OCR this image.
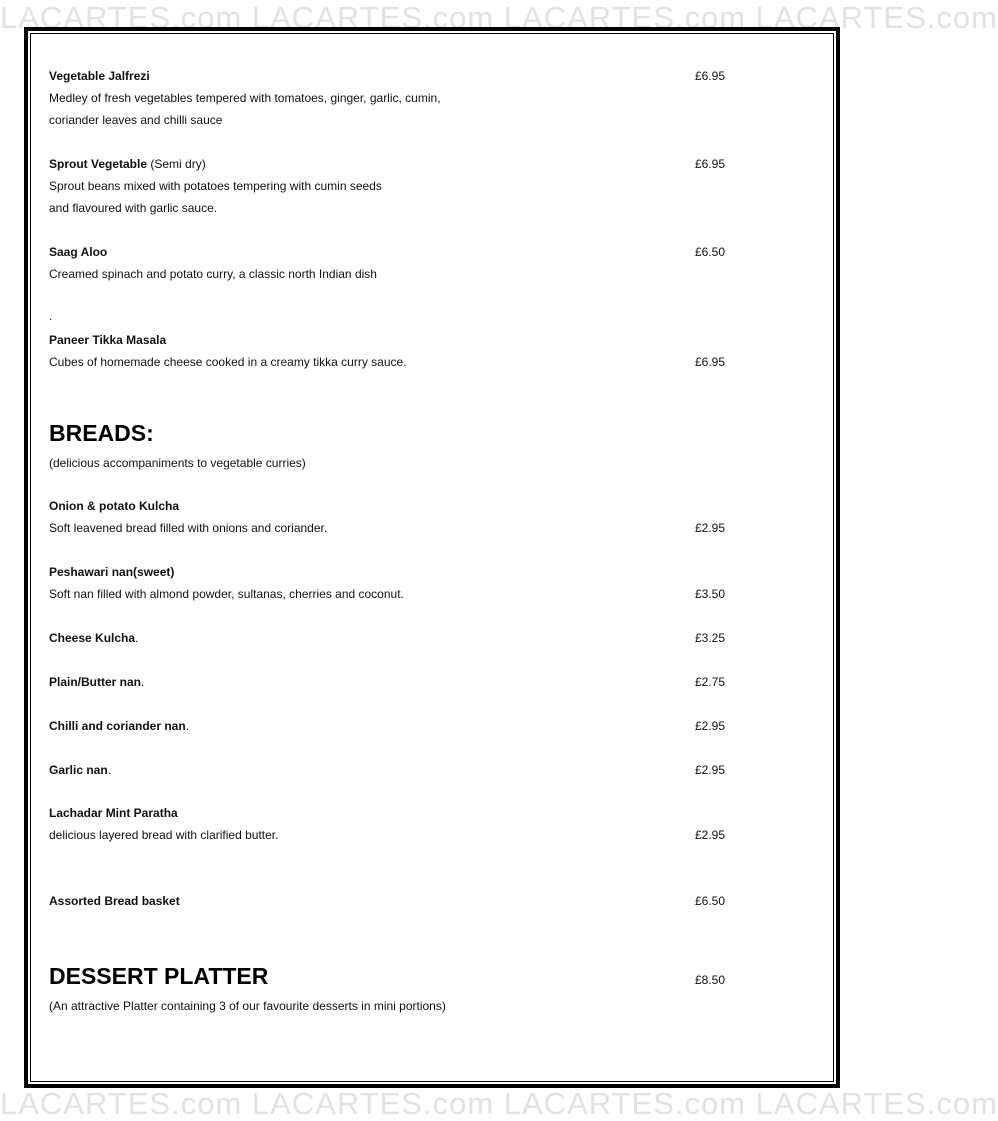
LACARTES.com LACARTES.com LACARTES.com LACARTES.com
LACARTES.com LACARTES.com LACARTES.com LACARTES.com
Vegetable Jalfrezi	£6.95
Medley of fresh vegetables tempered with tomatoes, ginger, garlic, cumin,
coriander leaves and chilli sauce
Sprout Vegetable (Semi dry)	£6.95
Sprout beans mixed with potatoes tempering with cumin seeds
and flavoured with garlic sauce.
Saag Aloo	£6.50
Creamed spinach and potato curry, a classic north Indian dish
.
Paneer Tikka Masala
Cubes of homemade cheese cooked in a creamy tikka curry sauce.	£6.95
BREADS:
(delicious accompaniments to vegetable curries)
Onion & potato Kulcha
Soft leavened bread filled with onions and coriander.	£2.95
Peshawari nan(sweet)
Soft nan filled with almond powder, sultanas, cherries and coconut.	£3.50
Cheese Kulcha.	£3.25
Plain/Butter nan.	£2.75
Chilli and coriander nan.	£2.95
Garlic nan.	£2.95
Lachadar Mint Paratha
delicious layered bread with clarified butter.	£2.95
Assorted Bread basket	£6.50
DESSERT PLATTER	£8.50
(An attractive Platter containing 3 of our favourite desserts in mini portions)
